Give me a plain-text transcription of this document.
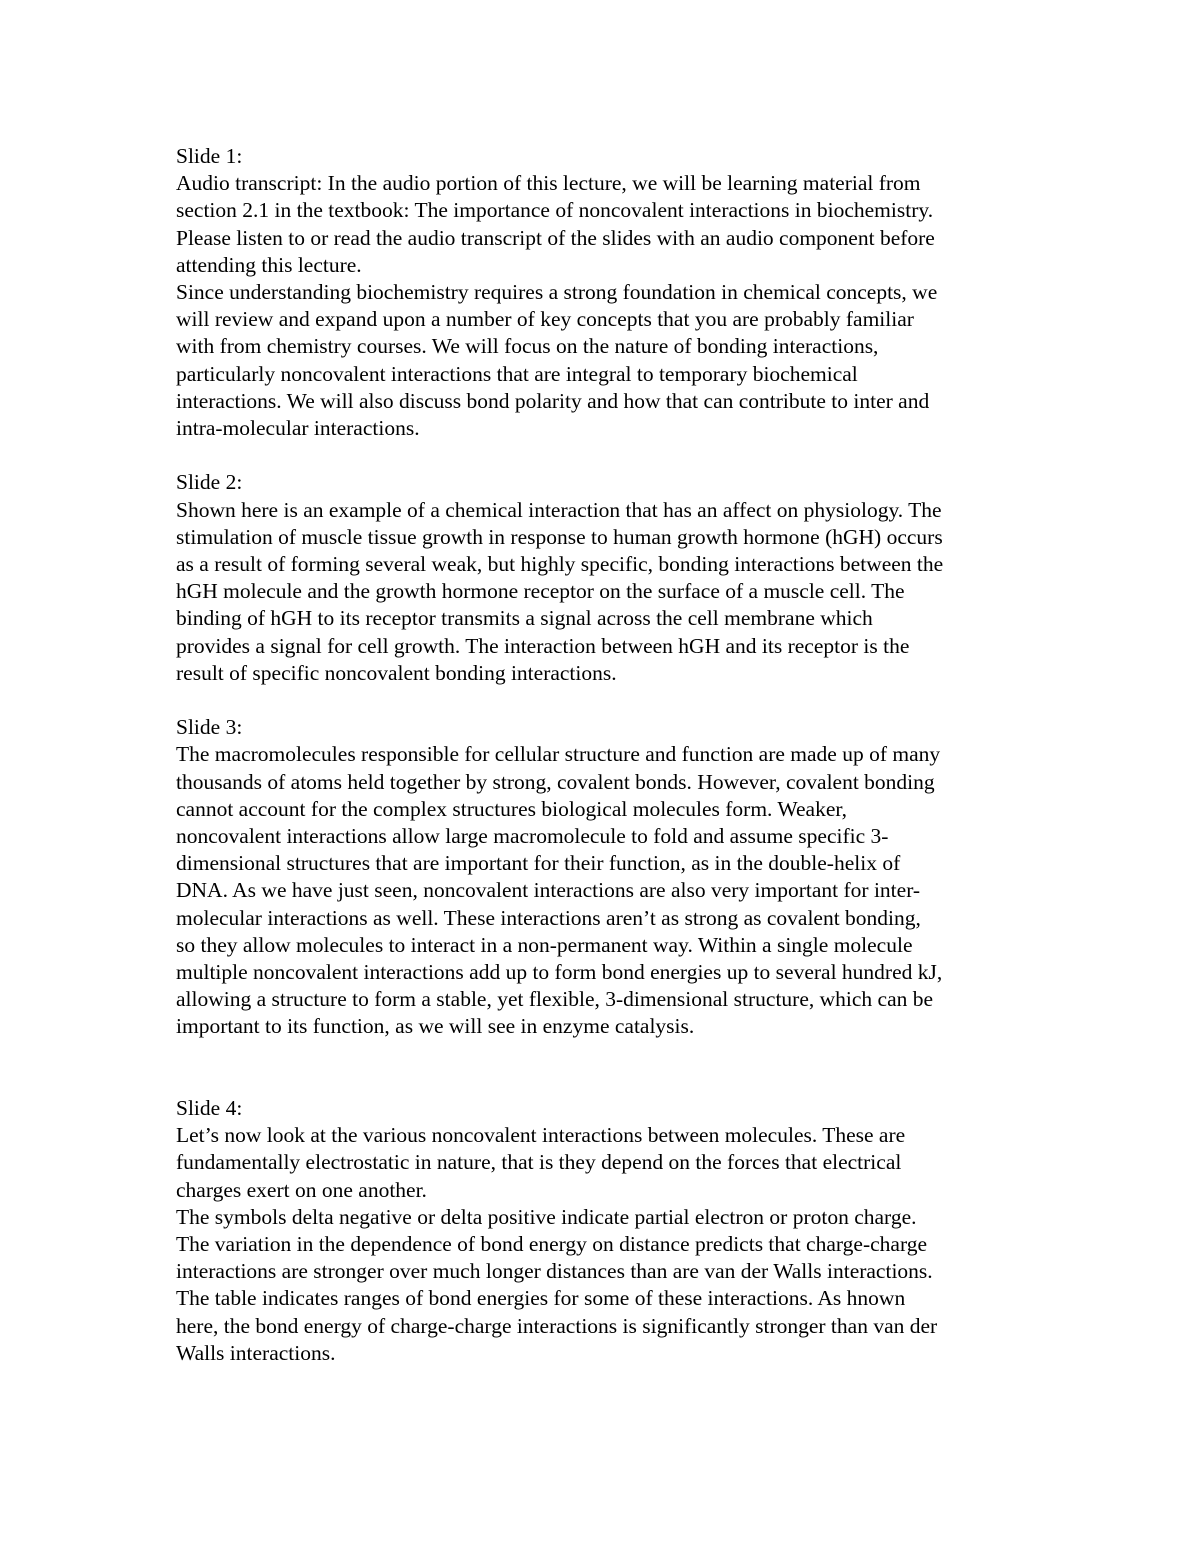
Slide 1:

Audio transcript: In the audio portion of this lecture, we will be learning material from
section 2.1 in the textbook: The importance of noncovalent interactions in biochemistry.
Please listen to or read the audio transcript of the slides with an audio component before
attending this lecture.

Since understanding biochemistry requires a strong foundation in chemical concepts, we
will review and expand upon a number of key concepts that you are probably familiar
with from chemistry courses. We will focus on the nature of bonding interactions,
particularly noncovalent interactions that are integral to temporary biochemical
interactions. We will also discuss bond polarity and how that can contribute to inter and
intra-molecular interactions.

Slide 2:

Shown here is an example of a chemical interaction that has an affect on physiology. The
stimulation of muscle tissue growth in response to human growth hormone (hGH) occurs
as a result of forming several weak, but highly specific, bonding interactions between the
hGH molecule and the growth hormone receptor on the surface of a muscle cell. The
binding of hGH to its receptor transmits a signal across the cell membrane which
provides a signal for cell growth. The interaction between hGH and its receptor is the
result of specific noncovalent bonding interactions.

Slide 3:

The macromolecules responsible for cellular structure and function are made up of many
thousands of atoms held together by strong, covalent bonds. However, covalent bonding
cannot account for the complex structures biological molecules form. Weaker,
noncovalent interactions allow large macromolecule to fold and assume specific 3-
dimensional structures that are important for their function, as in the double-helix of
DNA. As we have just seen, noncovalent interactions are also very important for inter-
molecular interactions as well. These interactions aren’t as strong as covalent bonding,
so they allow molecules to interact in a non-permanent way. Within a single molecule
multiple noncovalent interactions add up to form bond energies up to several hundred kJ,
allowing a structure to form a stable, yet flexible, 3-dimensional structure, which can be
important to its function, as we will see in enzyme catalysis.

Slide 4:

Let’s now look at the various noncovalent interactions between molecules. These are
fundamentally electrostatic in nature, that is they depend on the forces that electrical
charges exert on one another.

The symbols delta negative or delta positive indicate partial electron or proton charge.
The variation in the dependence of bond energy on distance predicts that charge-charge
interactions are stronger over much longer distances than are van der Walls interactions.
The table indicates ranges of bond energies for some of these interactions. As hnown
here, the bond energy of charge-charge interactions is significantly stronger than van der
Walls interactions.
